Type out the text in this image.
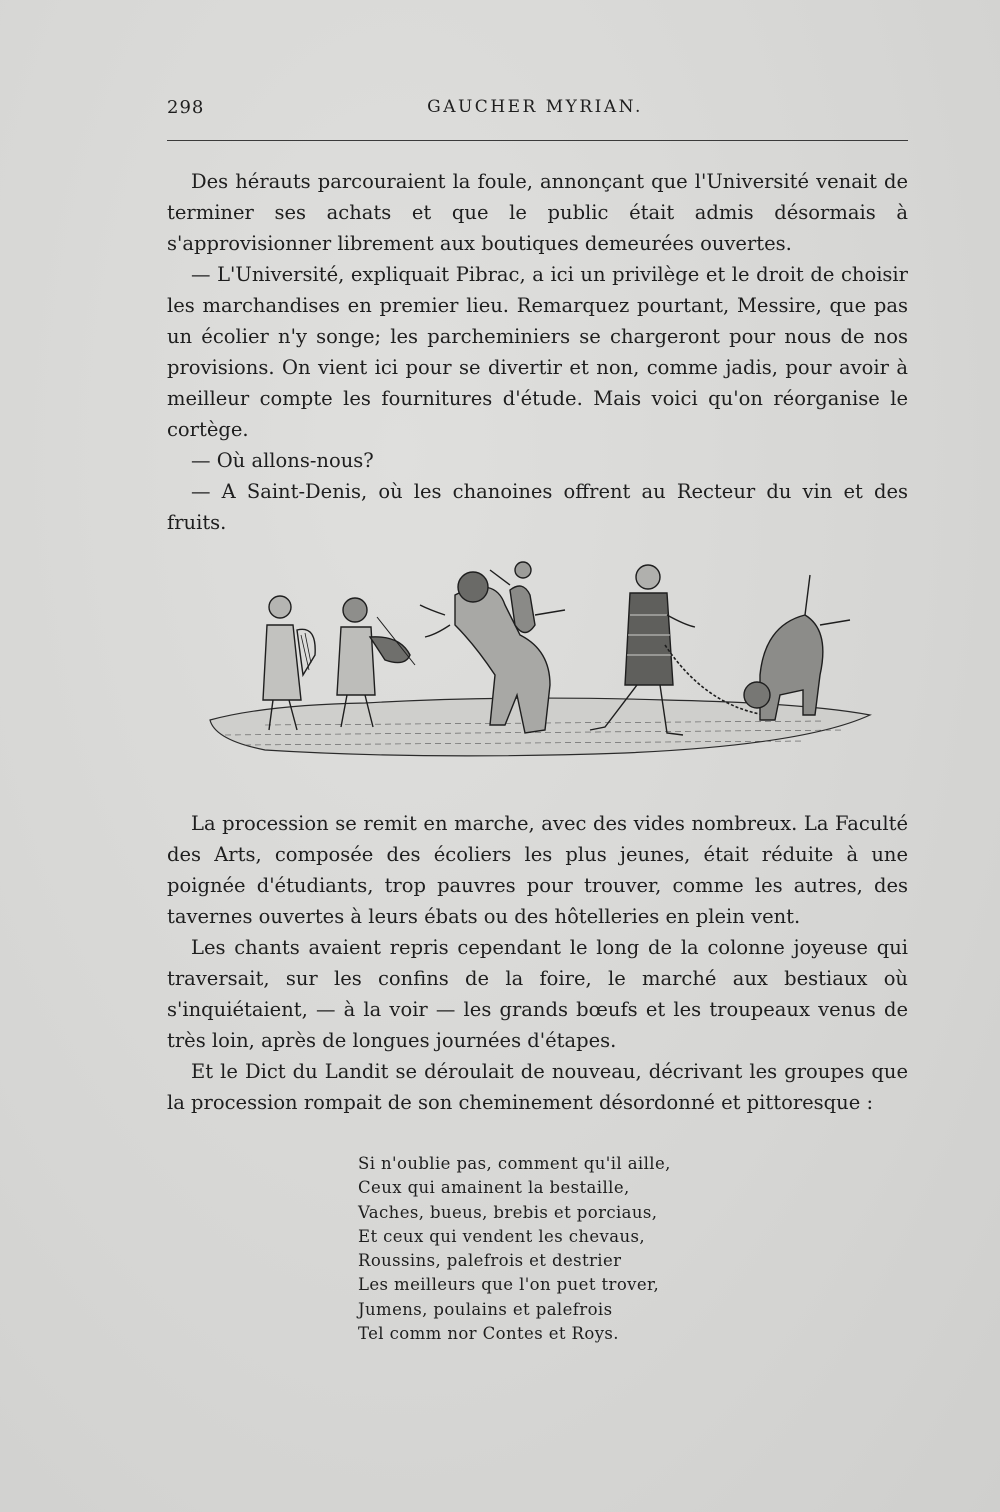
298	GAUCHER MYRIAN.

Des hérauts parcouraient la foule, annonçant que l'Université venait de terminer ses achats et que le public était admis désormais à s'approvisionner librement aux boutiques demeurées ouvertes.

— L'Université, expliquait Pibrac, a ici un privilège et le droit de choisir les marchandises en premier lieu. Remarquez pourtant, Messire, que pas un écolier n'y songe; les parcheminiers se chargeront pour nous de nos provisions. On vient ici pour se divertir et non, comme jadis, pour avoir à meilleur compte les fournitures d'étude. Mais voici qu'on réorganise le cortège.

— Où allons-nous?

— A Saint-Denis, où les chanoines offrent au Recteur du vin et des fruits.

La procession se remit en marche, avec des vides nombreux. La Faculté des Arts, composée des écoliers les plus jeunes, était réduite à une poignée d'étudiants, trop pauvres pour trouver, comme les autres, des tavernes ouvertes à leurs ébats ou des hôtelleries en plein vent.

Les chants avaient repris cependant le long de la colonne joyeuse qui traversait, sur les confins de la foire, le marché aux bestiaux où s'inquiétaient, — à la voir — les grands bœufs et les troupeaux venus de très loin, après de longues journées d'étapes.

Et le Dict du Landit se déroulait de nouveau, décrivant les groupes que la procession rompait de son cheminement désordonné et pittoresque :

Si n'oublie pas, comment qu'il aille,
Ceux qui amainent la bestaille,
Vaches, bueus, brebis et porciaus,
Et ceux qui vendent les chevaus,
Roussins, palefrois et destrier
Les meilleurs que l'on puet trover,
Jumens, poulains et palefrois
Tel comm nor Contes et Roys.
